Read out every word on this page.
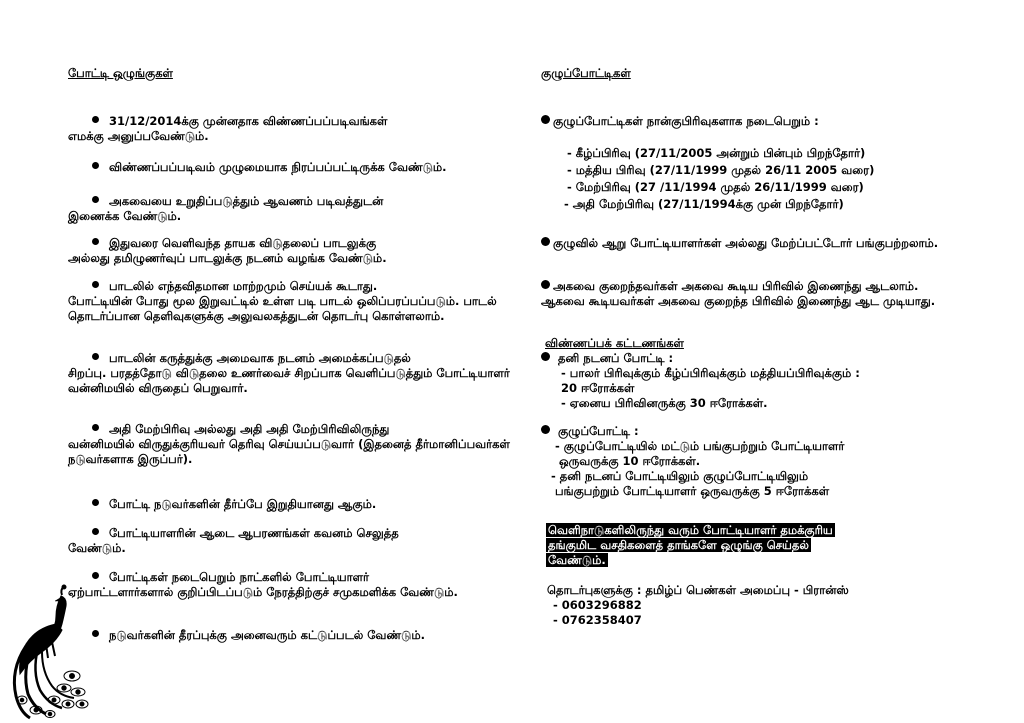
போட்டி ஒழுங்குகள்
31/12/2014க்கு முன்னதாக விண்ணப்பப்படிவங்கள்
எமக்கு அனுப்பவேண்டும்.
விண்ணப்பப்படிவம் முழுமையாக நிரப்பப்பட்டிருக்க வேண்டும்.
அகவையை உறுதிப்படுத்தும் ஆவணம் படிவத்துடன்
இணைக்க வேண்டும்.
இதுவரை வெளிவந்த தாயக விடுதலைப் பாடலுக்கு
அல்லது தமிழுணர்வுப் பாடலுக்கு நடனம் வழங்க வேண்டும்.
பாடலில் எந்தவிதமான மாற்றமும் செய்யக் கூடாது.
போட்டியின் போது மூல இறுவட்டில் உள்ள படி பாடல் ஒலிப்பரப்பப்படும். பாடல் தொடர்ப்பான தெளிவுகளுக்கு அலுவலகத்துடன் தொடர்பு கொள்ளலாம்.
பாடலின் கருத்துக்கு அமைவாக நடனம் அமைக்கப்படுதல்
சிறப்பு. பரதத்தோடு விடுதலை உணர்வைச் சிறப்பாக வெளிப்படுத்தும் போட்டியாளர் வன்னிமயில் விருதைப் பெறுவார்.
அதி மேற்பிரிவு அல்லது அதி அதி மேற்பிரிவிலிருந்து
வன்னிமயில் விருதுக்குரியவர் தெரிவு செய்யப்படுவார் (இதனைத் தீர்மானிப்பவர்கள் நடுவர்களாக இருப்பர்).
போட்டி நடுவர்களின் தீர்ப்பே இறுதியானது ஆகும்.
போட்டியாளரின் ஆடை ஆபரணங்கள் கவனம் செலுத்த
வேண்டும்.
போட்டிகள் நடைபெறும் நாட்களில் போட்டியாளர்
ஏற்பாட்டளார்களால் குறிப்பிடப்படும் நேரத்திற்குச் சமுகமளிக்க வேண்டும்.
நடுவர்களின் தீரப்புக்கு அனைவரும் கட்டுப்படல் வேண்டும்.
குழுப்போட்டிகள்
குழுப்போட்டிகள் நான்குபிரிவுகளாக நடைபெறும் :
- கீழ்ப்பிரிவு (27/11/2005 அன்றும் பின்பும் பிறந்தோர்)
- மத்திய பிரிவு (27/11/1999 முதல் 26/11 2005 வரை)
- மேற்பிரிவு (27 /11/1994 முதல் 26/11/1999 வரை)
- அதி மேற்பிரிவு (27/11/1994க்கு முன் பிறந்தோர்)
குழுவில் ஆறு போட்டியாளர்கள் அல்லது மேற்ப்பட்டோர் பங்குபற்றலாம்.
அகவை குறைந்தவர்கள் அகவை கூடிய பிரிவில் இணைந்து ஆடலாம். ஆகவை கூடியவர்கள் அகவை குறைந்த பிரிவில் இணைந்து ஆட முடியாது.
விண்ணப்பக் கட்டணங்கள்
தனி நடனப் போட்டி :
- பாலர் பிரிவுக்கும் கீழ்ப்பிரிவுக்கும் மத்தியப்பிரிவுக்கும் :
20 ஈரோக்கள்
- ஏனைய பிரிவினருக்கு 30 ஈரோக்கள்.
குழுப்போட்டி :
- குழுப்போட்டியில் மட்டும் பங்குபற்றும் போட்டியாளர்
ஒருவருக்கு 10 ஈரோக்கள்.
- தனி நடனப் போட்டியிலும் குழுப்போட்டியிலும்
பங்குபற்றும் போட்டியாளர் ஒருவருக்கு 5 ஈரோக்கள்
வெளிநாடுகளிலிருந்து வரும் போட்டியாளர் தமக்குரிய
தங்குமிட வசதிகளைத் தாங்களே ஒழுங்கு செய்தல்
வேண்டும்.
தொடர்புகளுக்கு : தமிழ்ப் பெண்கள் அமைப்பு - பிரான்ஸ்
- 0603296882
- 0762358407
